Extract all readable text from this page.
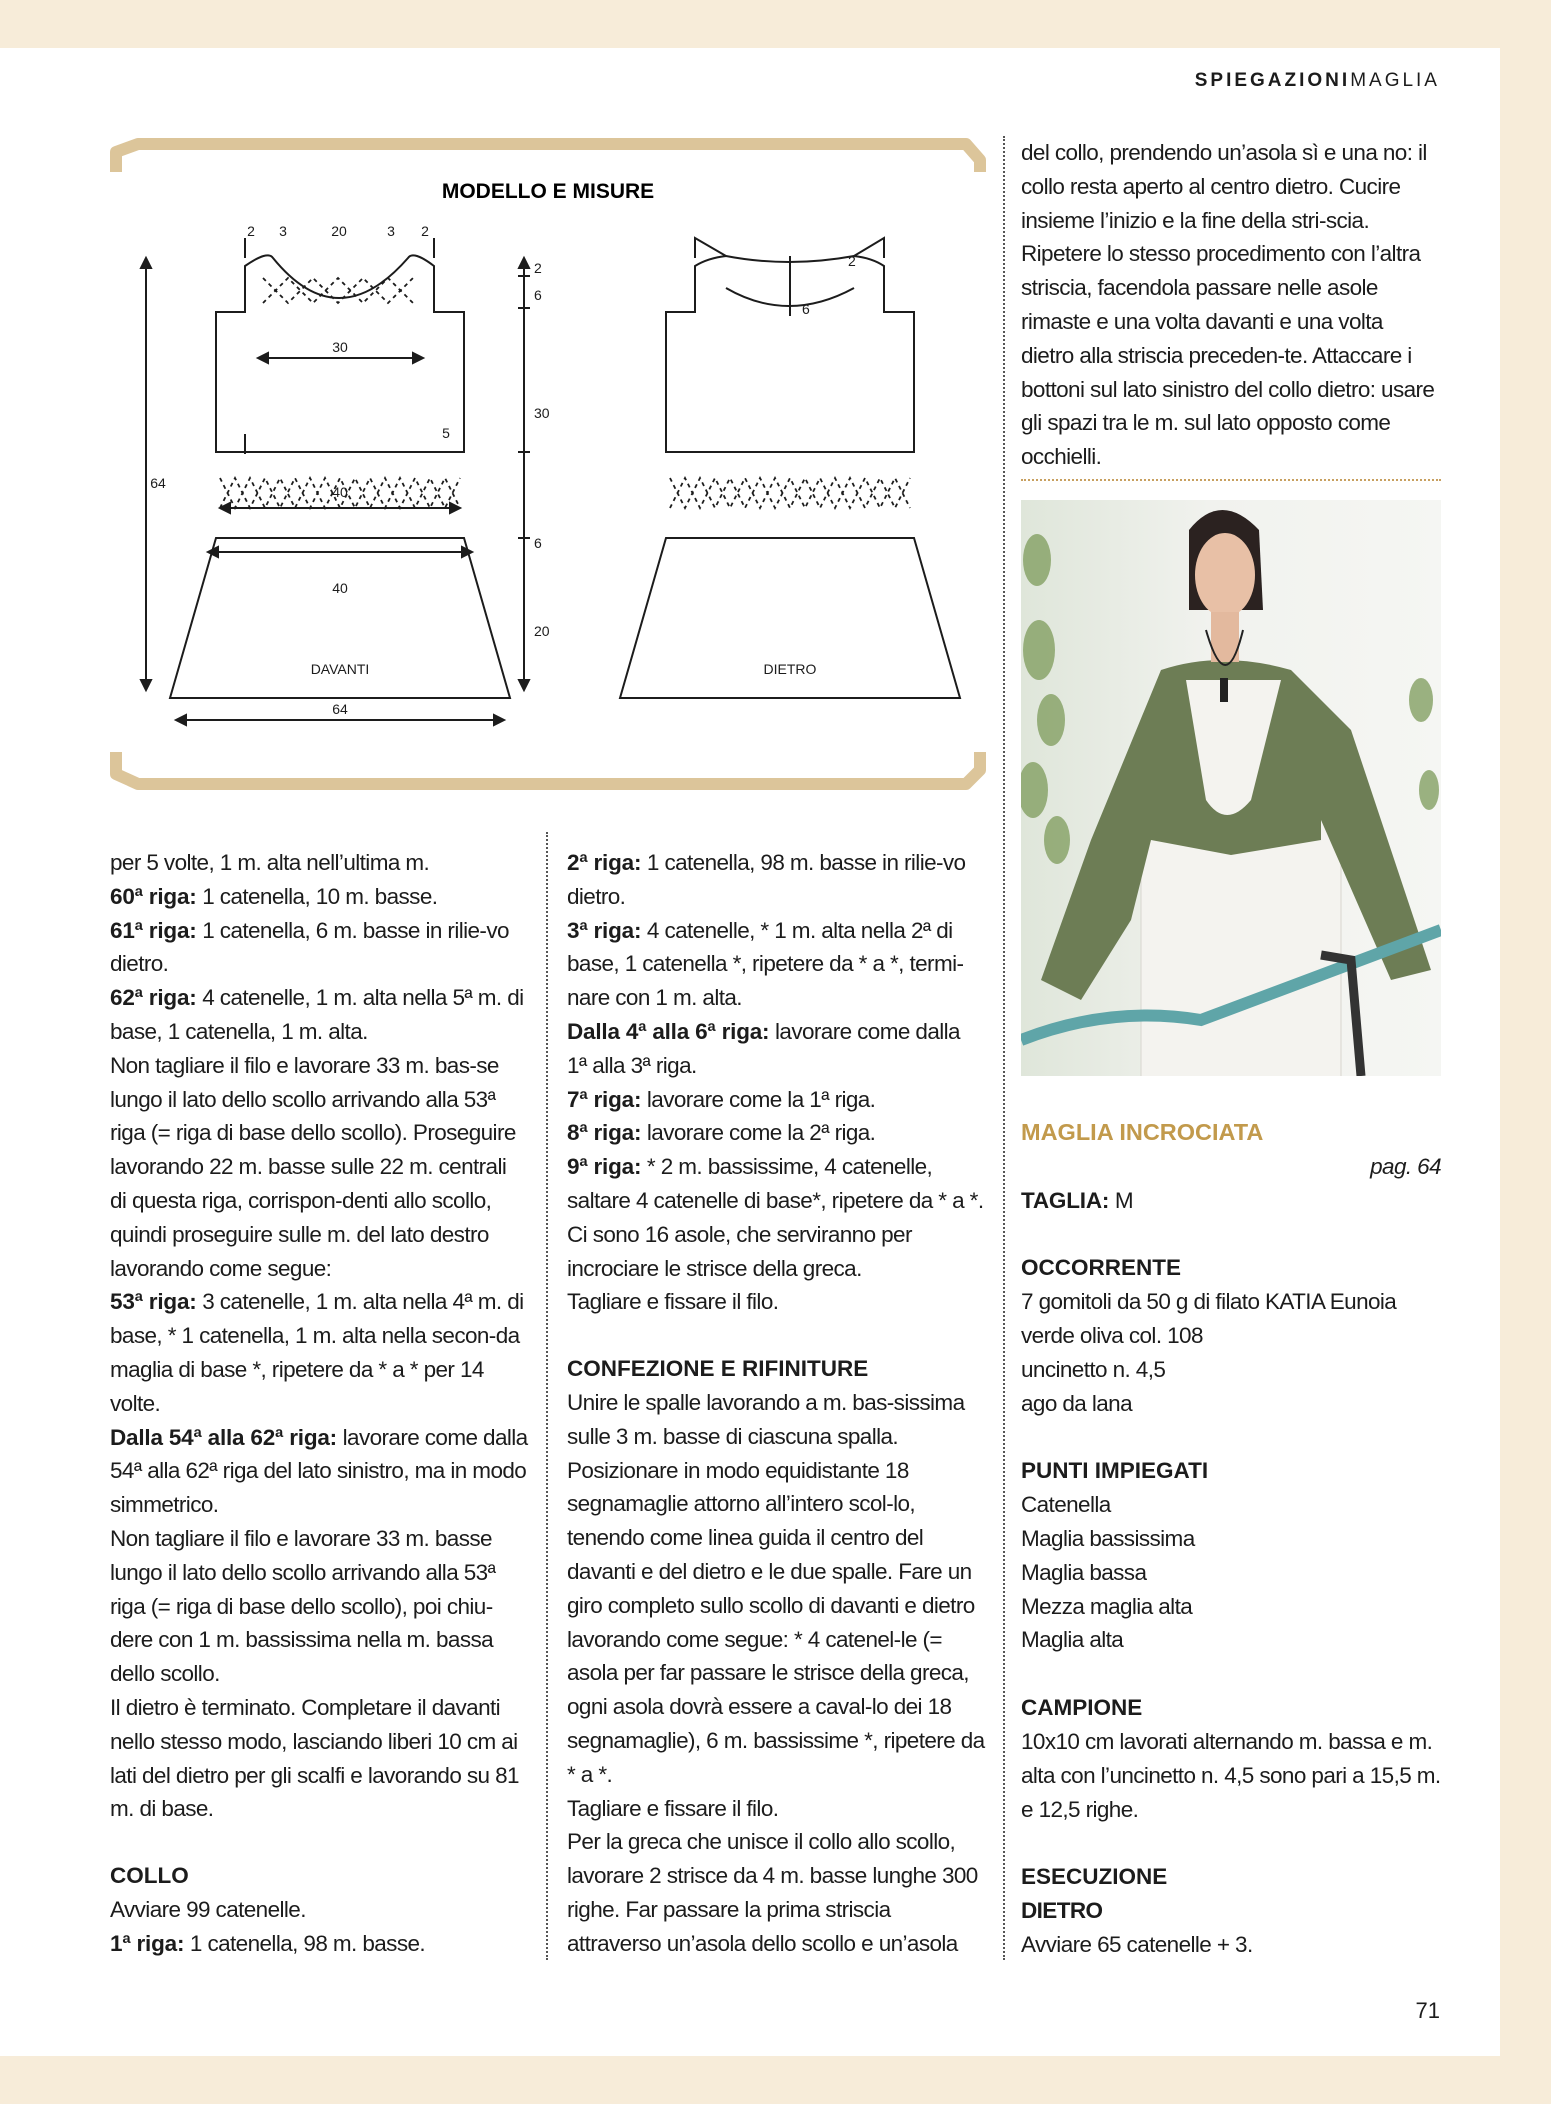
SPIEGAZIONIMAGLIA
MODELLO E MISURE
2 3	20	3 2
2
6
30
6
20
64
30
5
40
40
DAVANTI
64
2
6
DIETRO

per 5 volte, 1 m. alta nell’ultima m.

60ª riga: 1 catenella, 10 m. basse.

61ª riga: 1 catenella, 6 m. basse in rilie-vo dietro.

62ª riga: 4 catenelle, 1 m. alta nella 5ª m. di base, 1 catenella, 1 m. alta.

Non tagliare il filo e lavorare 33 m. bas-se lungo il lato dello scollo arrivando alla 53ª riga (= riga di base dello scollo). Proseguire lavorando 22 m. basse sulle 22 m. centrali di questa riga, corrispon-denti allo scollo, quindi proseguire sulle m. del lato destro lavorando come segue:

53ª riga: 3 catenelle, 1 m. alta nella 4ª m. di base, * 1 catenella, 1 m. alta nella secon-da maglia di base *, ripetere da * a * per 14 volte.

Dalla 54ª alla 62ª riga: lavorare come dalla 54ª alla 62ª riga del lato sinistro, ma in modo simmetrico.

Non tagliare il filo e lavorare 33 m. basse lungo il lato dello scollo arrivando alla 53ª riga (= riga di base dello scollo), poi chiu-dere con 1 m. bassissima nella m. bassa dello scollo.

Il dietro è terminato. Completare il davanti nello stesso modo, lasciando liberi 10 cm ai lati del dietro per gli scalfi e lavorando su 81 m. di base.

COLLO

Avviare 99 catenelle.

1ª riga: 1 catenella, 98 m. basse.

2ª riga: 1 catenella, 98 m. basse in rilie-vo dietro.

3ª riga: 4 catenelle, * 1 m. alta nella 2ª di base, 1 catenella *, ripetere da * a *, termi-nare con 1 m. alta.

Dalla 4ª alla 6ª riga: lavorare come dalla 1ª alla 3ª riga.

7ª riga: lavorare come la 1ª riga.

8ª riga: lavorare come la 2ª riga.

9ª riga: * 2 m. bassissime, 4 catenelle, saltare 4 catenelle di base*, ripetere da * a *. Ci sono 16 asole, che serviranno per incrociare le strisce della greca.

Tagliare e fissare il filo.

CONFEZIONE E RIFINITURE

Unire le spalle lavorando a m. bas-sissima sulle 3 m. basse di ciascuna spalla. Posizionare in modo equidistante 18 segnamaglie attorno all’intero scol-lo, tenendo come linea guida il centro del davanti e del dietro e le due spalle. Fare un giro completo sullo scollo di davanti e dietro lavorando come segue: * 4 catenel-le (= asola per far passare le strisce della greca, ogni asola dovrà essere a caval-lo dei 18 segnamaglie), 6 m. bassissime *, ripetere da * a *.

Tagliare e fissare il filo.

Per la greca che unisce il collo allo scollo, lavorare 2 strisce da 4 m. basse lunghe 300 righe. Far passare la prima striscia attraverso un’asola dello scollo e un’asola

del collo, prendendo un’asola sì e una no: il collo resta aperto al centro dietro. Cucire insieme l’inizio e la fine della stri-scia. Ripetere lo stesso procedimento con l’altra striscia, facendola passare nelle asole rimaste e una volta davanti e una volta dietro alla striscia preceden-te. Attaccare i bottoni sul lato sinistro del collo dietro: usare gli spazi tra le m. sul lato opposto come occhielli.

MAGLIA INCROCIATA

pag. 64

TAGLIA: M

OCCORRENTE

7 gomitoli da 50 g di filato KATIA Eunoia verde oliva col. 108

uncinetto n. 4,5

ago da lana

PUNTI IMPIEGATI

Catenella

Maglia bassissima

Maglia bassa

Mezza maglia alta

Maglia alta

CAMPIONE

10x10 cm lavorati alternando m. bassa e m. alta con l’uncinetto n. 4,5 sono pari a 15,5 m. e 12,5 righe.

ESECUZIONE

DIETRO

Avviare 65 catenelle + 3.

71
